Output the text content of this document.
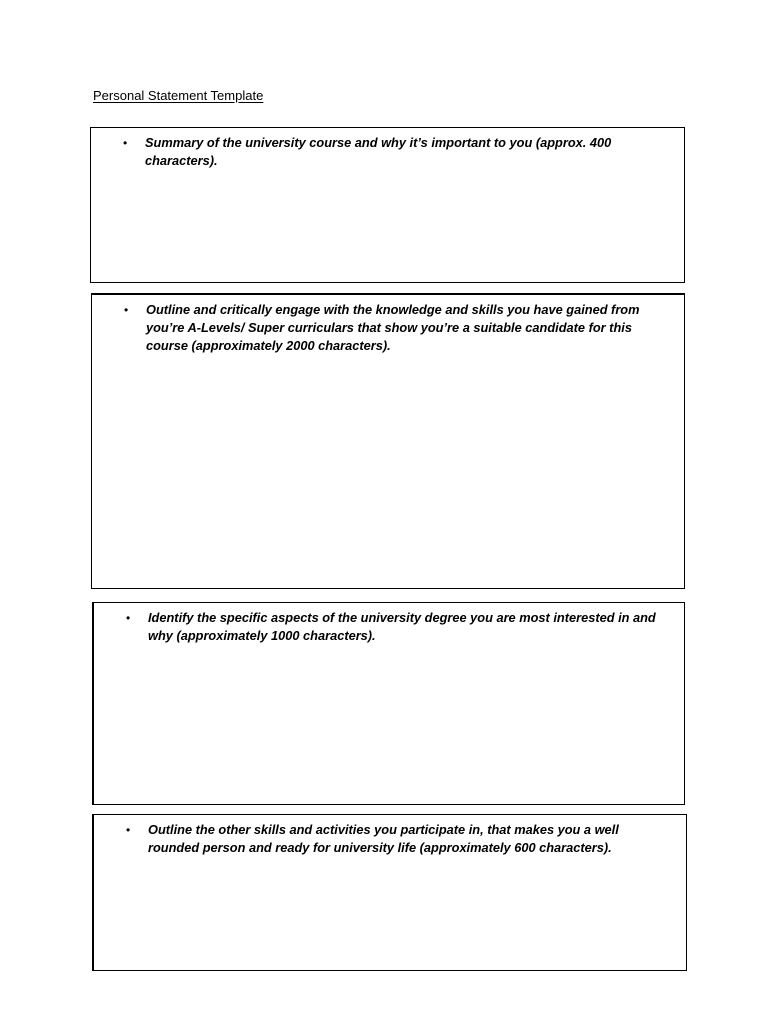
Personal Statement Template
•	Summary of the university course and why it’s important to you (approx. 400 characters).
•	Outline and critically engage with the knowledge and skills you have gained from you’re A-Levels/ Super curriculars that show you’re a suitable candidate for this course (approximately 2000 characters).
•	Identify the specific aspects of the university degree you are most interested in and why (approximately 1000 characters).
•	Outline the other skills and activities you participate in, that makes you a well rounded person and ready for university life (approximately 600 characters).
